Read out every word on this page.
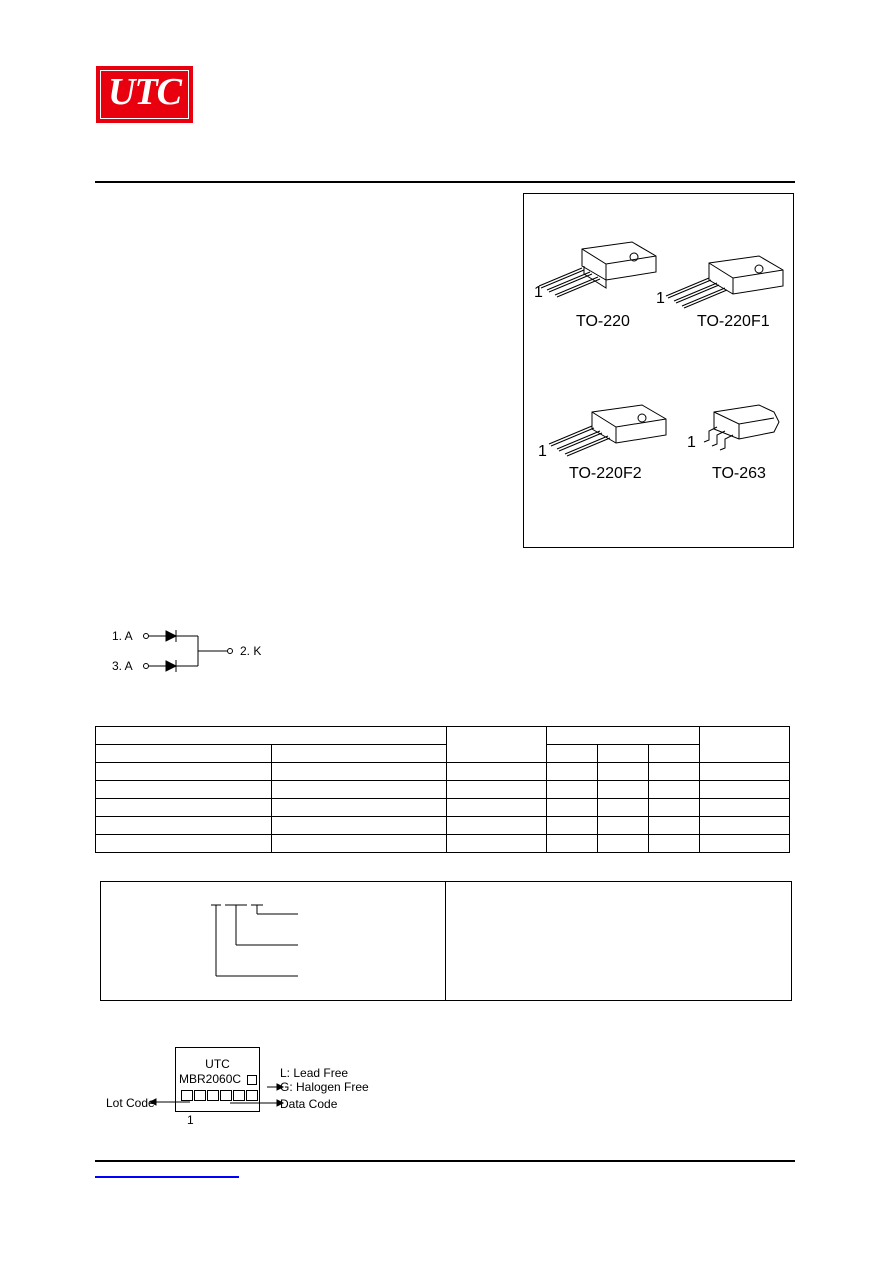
UTC
1
TO-220
1
TO-220F1
1
TO-220F2
1
TO-263
1. A
3. A
2. K

UTC
MBR2060C	L: Lead Free
G: Halogen Free
Lot Code	Data Code
1
